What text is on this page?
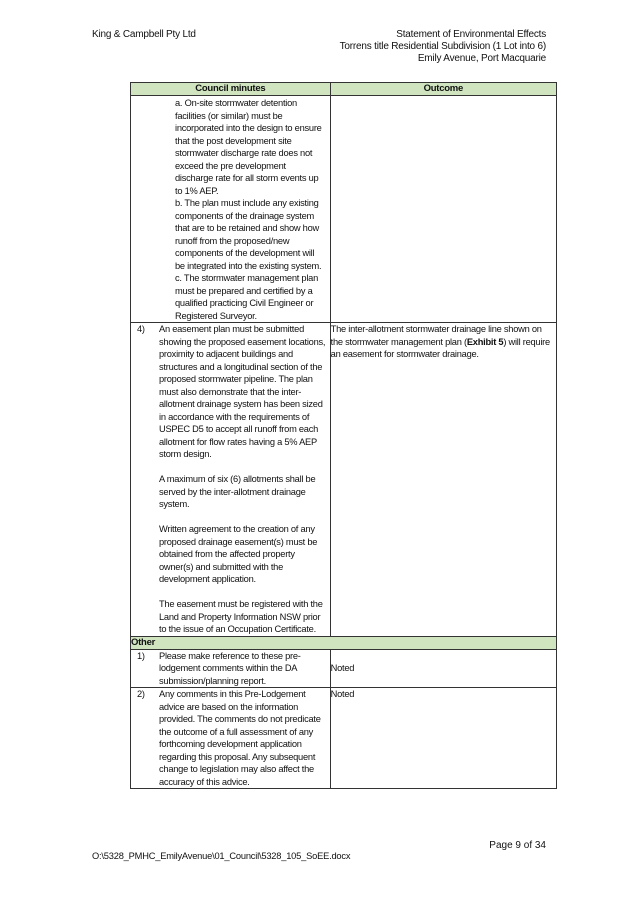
King & Campbell Pty Ltd	Statement of Environmental Effects
Torrens title Residential Subdivision (1 Lot into 6)
Emily Avenue, Port Macquarie
Council minutes	Outcome

a. On-site stormwater detention facilities (or similar) must be incorporated into the design to ensure that the post development site stormwater discharge rate does not exceed the pre development discharge rate for all storm events up to 1% AEP.

b. The plan must include any existing components of the drainage system that are to be retained and show how runoff from the proposed/new components of the development will be integrated into the existing system.

c. The stormwater management plan must be prepared and certified by a qualified practicing Civil Engineer or Registered Surveyor.	

4) An easement plan must be submitted showing the proposed easement locations, proximity to adjacent buildings and structures and a longitudinal section of the proposed stormwater pipeline. The plan must also demonstrate that the inter-allotment drainage system has been sized in accordance with the requirements of USPEC D5 to accept all runoff from each allotment for flow rates having a 5% AEP storm design.

A maximum of six (6) allotments shall be served by the inter-allotment drainage system.

Written agreement to the creation of any proposed drainage easement(s) must be obtained from the affected property owner(s) and submitted with the development application.

The easement must be registered with the Land and Property Information NSW prior to the issue of an Occupation Certificate.	The inter-allotment stormwater drainage line shown on the stormwater management plan (Exhibit 5) will require an easement for stormwater drainage.
Other	

1) Please make reference to these pre-lodgement comments within the DA submission/planning report.	Noted

2) Any comments in this Pre-Lodgement advice are based on the information provided. The comments do not predicate the outcome of a full assessment of any forthcoming development application regarding this proposal. Any subsequent change to legislation may also affect the accuracy of this advice.	Noted
Page 9 of 34
O:\5328_PMHC_EmilyAvenue\01_Council\5328_105_SoEE.docx
